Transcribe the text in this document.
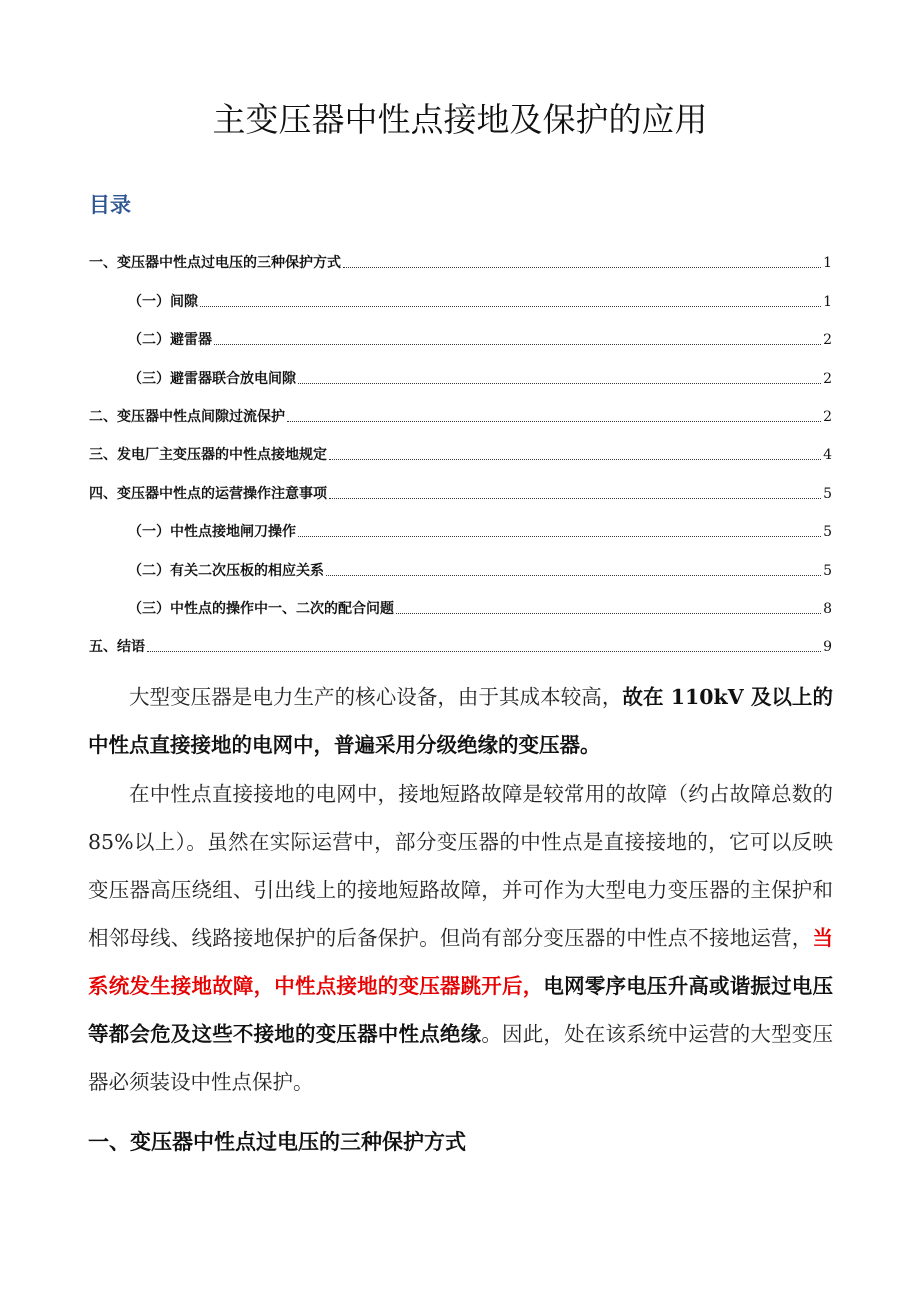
主变压器中性点接地及保护的应用
目录
一、变压器中性点过电压的三种保护方式	1
（一）间隙	1
（二）避雷器	2
（三）避雷器联合放电间隙	2
二、变压器中性点间隙过流保护	2
三、发电厂主变压器的中性点接地规定	4
四、变压器中性点的运营操作注意事项	5
（一）中性点接地闸刀操作	5
（二）有关二次压板的相应关系	5
（三）中性点的操作中一、二次的配合问题	8
五、结语	9

大型变压器是电力生产的核心设备，由于其成本较高，故在 110kV 及以上的中性点直接接地的电网中，普遍采用分级绝缘的变压器。

在中性点直接接地的电网中，接地短路故障是较常用的故障（约占故障总数的 85%以上）。虽然在实际运营中，部分变压器的中性点是直接接地的，它可以反映变压器高压绕组、引出线上的接地短路故障，并可作为大型电力变压器的主保护和相邻母线、线路接地保护的后备保护。但尚有部分变压器的中性点不接地运营，当系统发生接地故障，中性点接地的变压器跳开后，电网零序电压升高或谐振过电压等都会危及这些不接地的变压器中性点绝缘。因此，处在该系统中运营的大型变压器必须装设中性点保护。

一、变压器中性点过电压的三种保护方式
